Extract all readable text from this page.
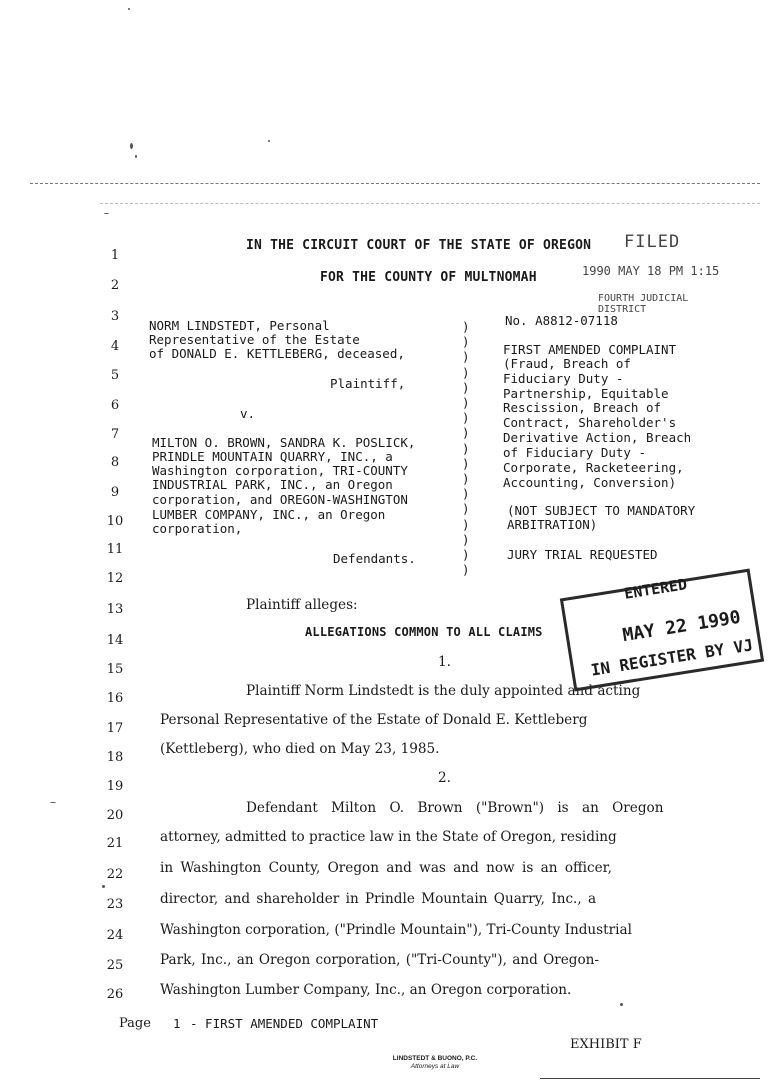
IN THE CIRCUIT COURT OF THE STATE OF OREGON
FOR THE COUNTY OF MULTNOMAH
FILED
1990 MAY 18 PM 1:15
FOURTH JUDICIAL DISTRICT
1
2
3
4
5
6
7
8
9
10
11
12
13
14
15
16
17
18
19
20
21
22
23
24
25
26
NORM LINDSTEDT, Personal
Representative of the Estate
of DONALD E. KETTLEBERG, deceased,
Plaintiff,
v.
MILTON O. BROWN, SANDRA K. POSLICK,
PRINDLE MOUNTAIN QUARRY, INC., a
Washington corporation, TRI-COUNTY
INDUSTRIAL PARK, INC., an Oregon
corporation, and OREGON-WASHINGTON
LUMBER COMPANY, INC., an Oregon
corporation,
Defendants.
)
)
)
)
)
)
)
)
)
)
)
)
)
)
)
)
)
No. A8812-07118
FIRST AMENDED COMPLAINT
(Fraud, Breach of
Fiduciary Duty -
Partnership, Equitable
Rescission, Breach of
Contract, Shareholder's
Derivative Action, Breach
of Fiduciary Duty -
Corporate, Racketeering,
Accounting, Conversion)
(NOT SUBJECT TO MANDATORY
ARBITRATION)
JURY TRIAL REQUESTED
Plaintiff alleges:
ALLEGATIONS COMMON TO ALL CLAIMS
1.
Plaintiff Norm Lindstedt is the duly appointed and acting
Personal Representative of the Estate of Donald E. Kettleberg
(Kettleberg), who died on May 23, 1985.
2.
Defendant Milton O. Brown ("Brown") is an Oregon
attorney, admitted to practice law in the State of Oregon, residing
in Washington County, Oregon and was and now is an officer,
director, and shareholder in Prindle Mountain Quarry, Inc., a
Washington corporation, ("Prindle Mountain"), Tri-County Industrial
Park, Inc., an Oregon corporation, ("Tri-County"), and Oregon-
Washington Lumber Company, Inc., an Oregon corporation.
ENTERED
MAY 22 1990
IN REGISTER BY VJ
Page 1 - FIRST AMENDED COMPLAINT
EXHIBIT F
LINDSTEDT & BUONO, P.C.
Attorneys at Law
